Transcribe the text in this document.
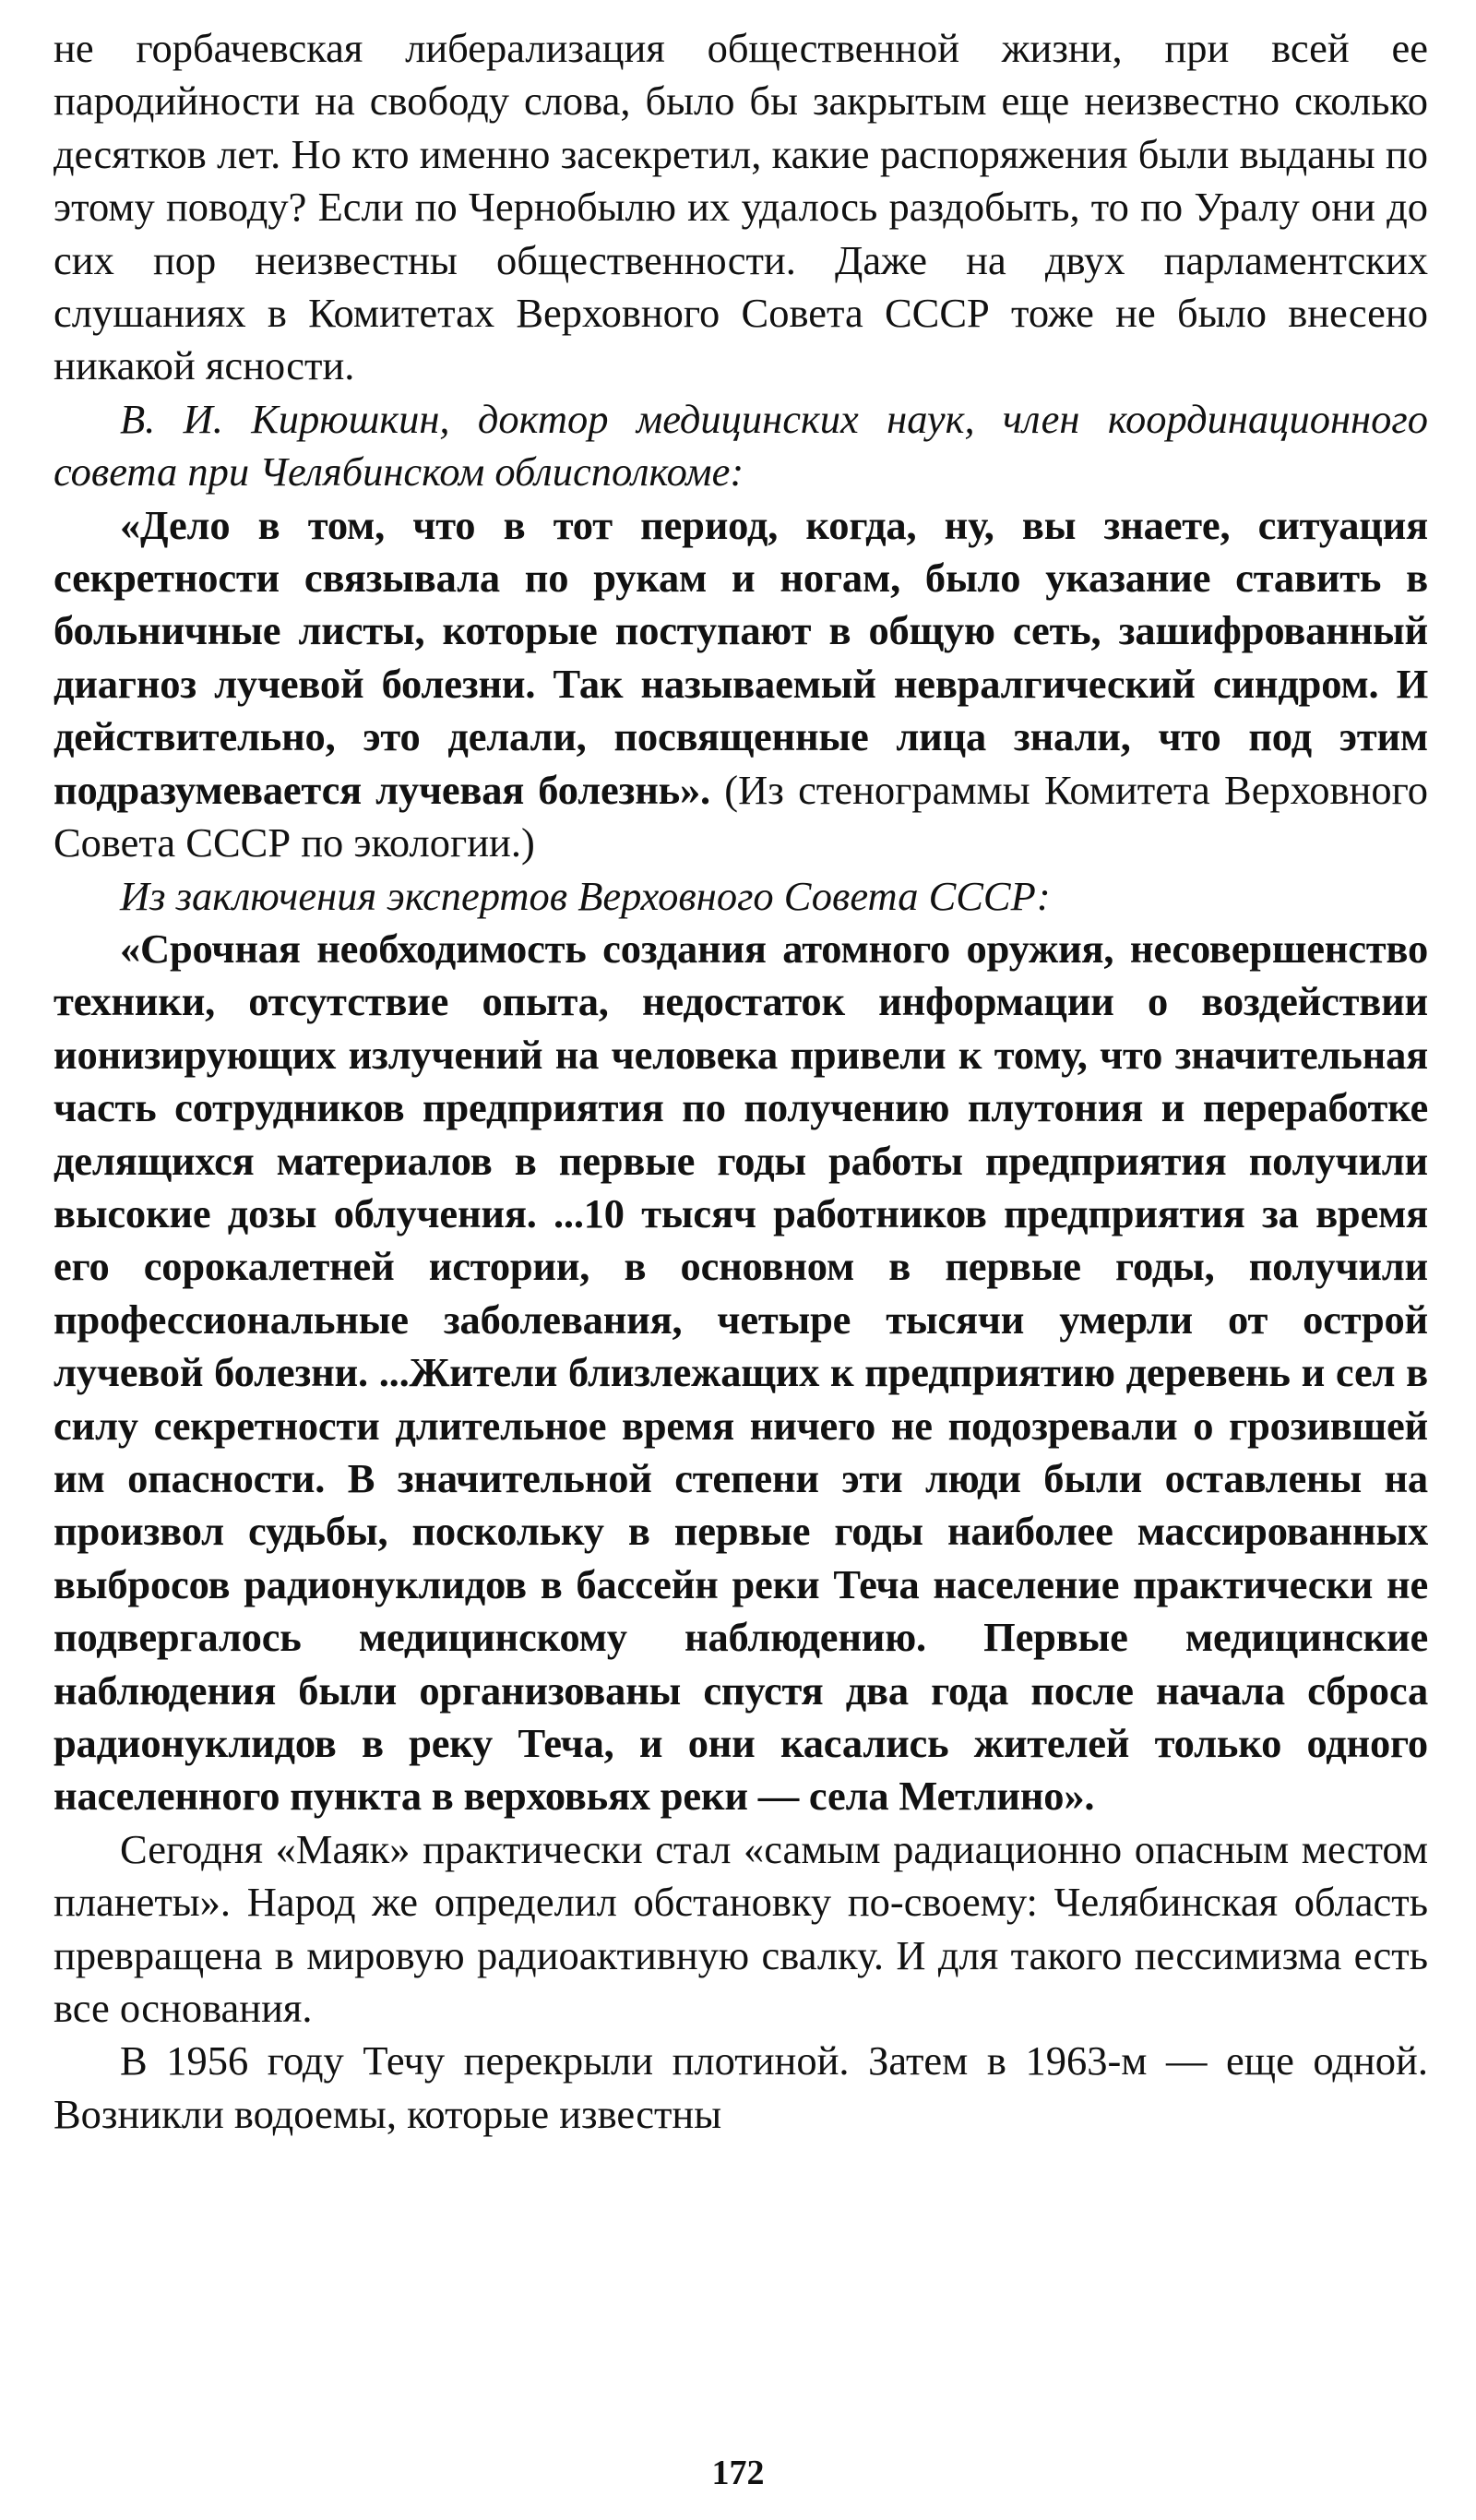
не горбачевская либерализация общественной жизни, при всей ее пародийности на свободу слова, было бы закрытым еще неизвестно сколько десятков лет. Но кто именно засекретил, какие распоряжения были выданы по этому поводу? Если по Чернобылю их удалось раздобыть, то по Уралу они до сих пор неизвестны общественности. Даже на двух парламентских слушаниях в Комитетах Верховного Совета СССР тоже не было внесено никакой ясности.

В. И. Кирюшкин, доктор медицинских наук, член координационного совета при Челябинском облисполкоме:

«Дело в том, что в тот период, когда, ну, вы знаете, ситуация секретности связывала по рукам и ногам, было указание ставить в больничные листы, которые поступают в общую сеть, зашифрованный диагноз лучевой болезни. Так называемый невралгический синдром. И действительно, это делали, посвященные лица знали, что под этим подразумевается лучевая болезнь». (Из стенограммы Комитета Верховного Совета СССР по экологии.)

Из заключения экспертов Верховного Совета СССР:

«Срочная необходимость создания атомного оружия, несовершенство техники, отсутствие опыта, недостаток информации о воздействии ионизирующих излучений на человека привели к тому, что значительная часть сотрудников предприятия по получению плутония и переработке делящихся материалов в первые годы работы предприятия получили высокие дозы облучения. ...10 тысяч работников предприятия за время его сорокалетней истории, в основном в первые годы, получили профессиональные заболевания, четыре тысячи умерли от острой лучевой болезни. ...Жители близлежащих к предприятию деревень и сел в силу секретности длительное время ничего не подозревали о грозившей им опасности. В значительной степени эти люди были оставлены на произвол судьбы, поскольку в первые годы наиболее массированных выбросов радионуклидов в бассейн реки Теча население практически не подвергалось медицинскому наблюдению. Первые медицинские наблюдения были организованы спустя два года после начала сброса радионуклидов в реку Теча, и они касались жителей только одного населенного пункта в верховьях реки — села Метлино».

Сегодня «Маяк» практически стал «самым радиационно опасным местом планеты». Народ же определил обстановку по-своему: Челябинская область превращена в мировую радиоактивную свалку. И для такого пессимизма есть все основания.

В 1956 году Течу перекрыли плотиной. Затем в 1963-м — еще одной. Возникли водоемы, которые известны

172
